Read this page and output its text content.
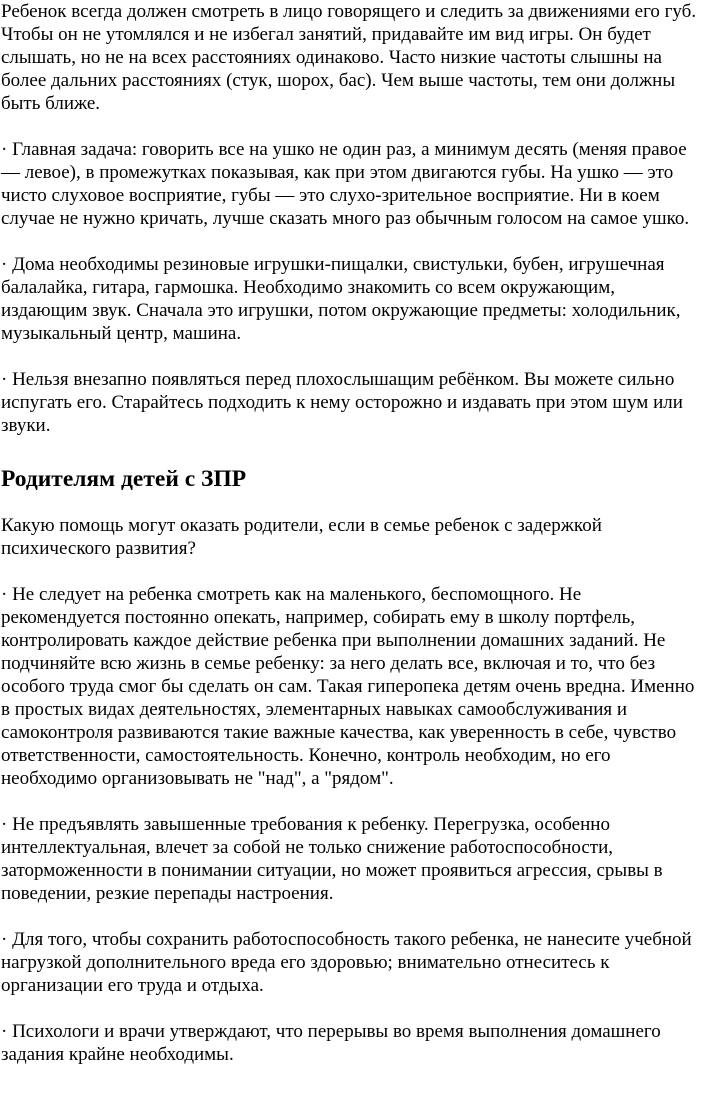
Ребенок всегда должен смотреть в лицо говорящего и следить за движениями его губ. Чтобы он не утомлялся и не избегал занятий, придавайте им вид игры. Он будет слышать, но не на всех расстояниях одинаково. Часто низкие частоты слышны на более дальних расстояниях (стук, шорох, бас). Чем выше частоты, тем они должны быть ближе.

· Главная задача: говорить все на ушко не один раз, а минимум десять (меняя правое — левое), в промежутках показывая, как при этом двигаются губы. На ушко — это чисто слуховое восприятие, губы — это слухо-зрительное восприятие. Ни в коем случае не нужно кричать, лучше сказать много раз обычным голосом на самое ушко.

· Дома необходимы резиновые игрушки-пищалки, свистульки, бубен, игрушечная балалайка, гитара, гармошка. Необходимо знакомить со всем окружающим, издающим звук. Сначала это игрушки, потом окружающие предметы: холодильник, музыкальный центр, машина.

· Нельзя внезапно появляться перед плохослышащим ребёнком. Вы можете сильно испугать его. Старайтесь подходить к нему осторожно и издавать при этом шум или звуки.

Родителям детей с ЗПР

Какую помощь могут оказать родители, если в семье ребенок с задержкой психического развития?

· Не следует на ребенка смотреть как на маленького, беспомощного. Не рекомендуется постоянно опекать, например, собирать ему в школу портфель, контролировать каждое действие ребенка при выполнении домашних заданий. Не подчиняйте всю жизнь в семье ребенку: за него делать все, включая и то, что без особого труда смог бы сделать он сам. Такая гиперопека детям очень вредна. Именно в простых видах деятельностях, элементарных навыках самообслуживания и самоконтроля развиваются такие важные качества, как уверенность в себе, чувство ответственности, самостоятельность. Конечно, контроль необходим, но его необходимо организовывать не "над", а "рядом".

· Не предъявлять завышенные требования к ребенку. Перегрузка, особенно интеллектуальная, влечет за собой не только снижение работоспособности, заторможенности в понимании ситуации, но может проявиться агрессия, срывы в поведении, резкие перепады настроения.

· Для того, чтобы сохранить работоспособность такого ребенка, не нанесите учебной нагрузкой дополнительного вреда его здоровью; внимательно отнеситесь к организации его труда и отдыха.

· Психологи и врачи утверждают, что перерывы во время выполнения домашнего задания крайне необходимы.
